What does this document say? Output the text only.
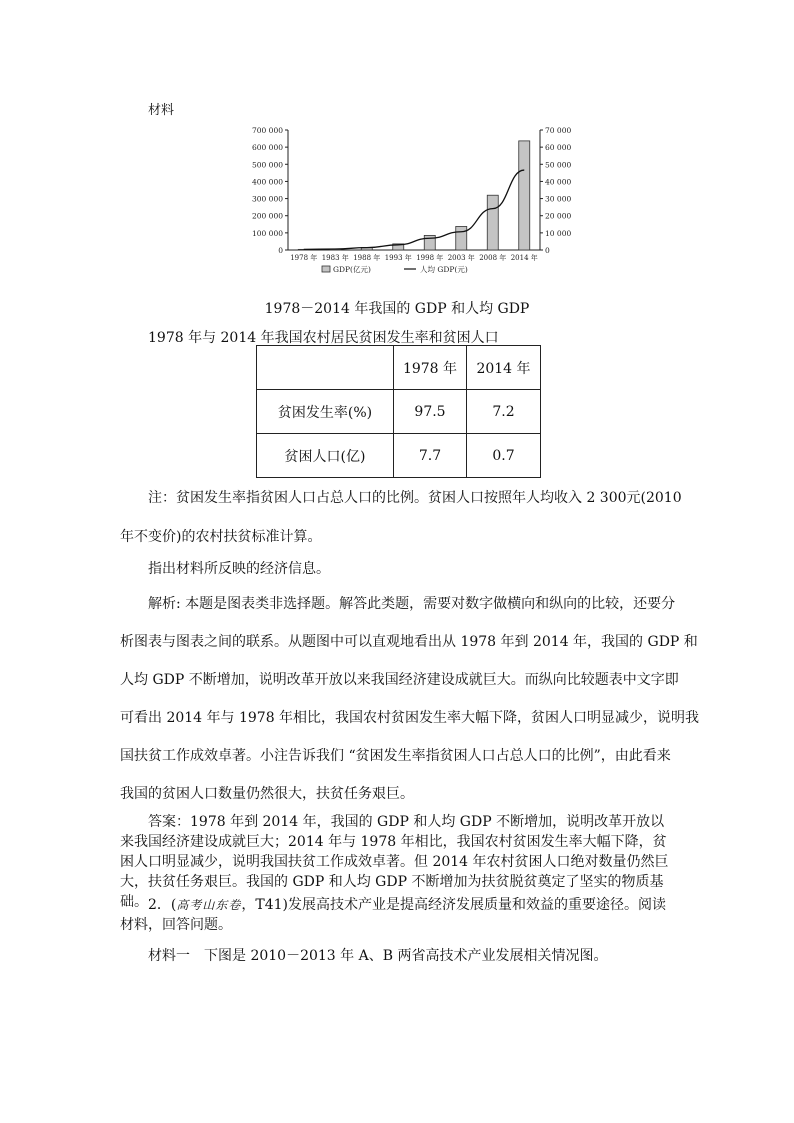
材料
0
100 000
200 000
300 000
400 000
500 000
600 000
700 000
0
10 000
20 000
30 000
40 000
50 000
60 000
70 000
1978 年 1983 年 1988 年 1993 年 1998 年 2003 年 2008 年 2014 年
GDP(亿元)	人均 GDP(元)
1978－2014 年我国的 GDP 和人均 GDP
1978 年与 2014 年我国农村居民贫困发生率和贫困人口
	1978 年	2014 年
贫困发生率(%)	97.5	7.2
贫困人口(亿)	7.7	0.7
注：贫困发生率指贫困人口占总人口的比例。贫困人口按照年人均收入 2 300元(2010
年不变价)的农村扶贫标准计算。
指出材料所反映的经济信息。
解析: 本题是图表类非选择题。解答此类题，需要对数字做横向和纵向的比较，还要分
析图表与图表之间的联系。从题图中可以直观地看出从 1978 年到 2014 年，我国的 GDP 和
人均 GDP 不断增加，说明改革开放以来我国经济建设成就巨大。而纵向比较题表中文字即
可看出 2014 年与 1978 年相比，我国农村贫困发生率大幅下降，贫困人口明显减少，说明我
国扶贫工作成效卓著。小注告诉我们 “贫困发生率指贫困人口占总人口的比例”，由此看来
我国的贫困人口数量仍然很大，扶贫任务艰巨。
答案：1978 年到 2014 年，我国的 GDP 和人均 GDP 不断增加，说明改革开放以来我国经济建设成就巨大；2014 年与 1978 年相比，我国农村贫困发生率大幅下降，贫困人口明显减少，说明我国扶贫工作成效卓著。但 2014 年农村贫困人口绝对数量仍然巨大，扶贫任务艰巨。我国的 GDP 和人均 GDP 不断增加为扶贫脱贫奠定了坚实的物质基础。 2．(高考山东卷，T41)发展高技术产业是提高经济发展质量和效益的重要途径。阅读材料，回答问题。
材料一　下图是 2010－2013 年 A、B 两省高技术产业发展相关情况图。
